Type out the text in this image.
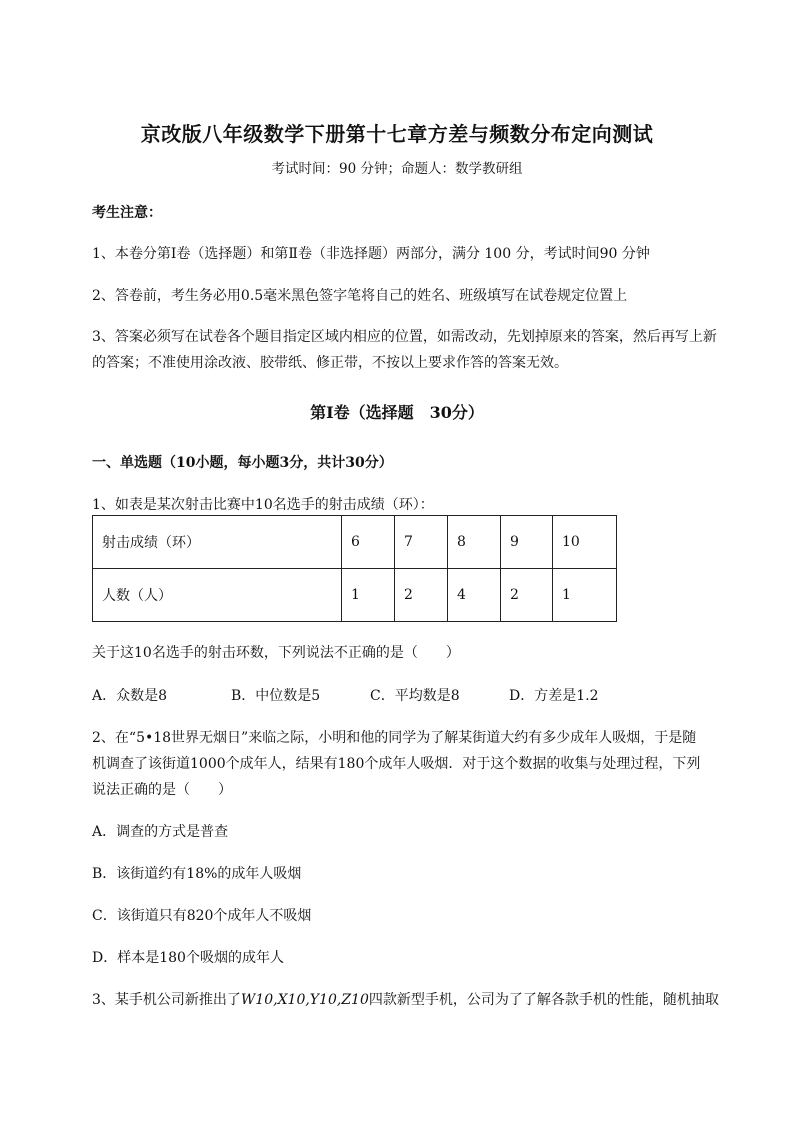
京改版八年级数学下册第十七章方差与频数分布定向测试
考试时间：90 分钟；命题人：数学教研组
考生注意：
1、本卷分第Ⅰ卷（选择题）和第Ⅱ卷（非选择题）两部分，满分 100 分，考试时间90 分钟
2、答卷前，考生务必用0.5毫米黑色签字笔将自己的姓名、班级填写在试卷规定位置上
3、答案必须写在试卷各个题目指定区域内相应的位置，如需改动，先划掉原来的答案，然后再写上新
的答案；不准使用涂改液、胶带纸、修正带，不按以上要求作答的答案无效。
第Ⅰ卷（选择题　30分）
一、单选题（10小题，每小题3分，共计30分）
1、如表是某次射击比赛中10名选手的射击成绩（环）：
射击成绩（环）	6	7	8	9	10
人数（人）	1	2	4	2	1
关于这10名选手的射击环数，下列说法不正确的是（　　）
A．众数是8	B．中位数是5	C．平均数是8	D．方差是1.2
2、在“5•18世界无烟日”来临之际，小明和他的同学为了解某街道大约有多少成年人吸烟，于是随
机调查了该街道1000个成年人，结果有180个成年人吸烟．对于这个数据的收集与处理过程，下列
说法正确的是（　　）
A．调查的方式是普查
B．该街道约有18%的成年人吸烟
C．该街道只有820个成年人不吸烟
D．样本是180个吸烟的成年人
3、某手机公司新推出了W10,X10,Y10,Z10四款新型手机，公司为了了解各款手机的性能，随机抽取
